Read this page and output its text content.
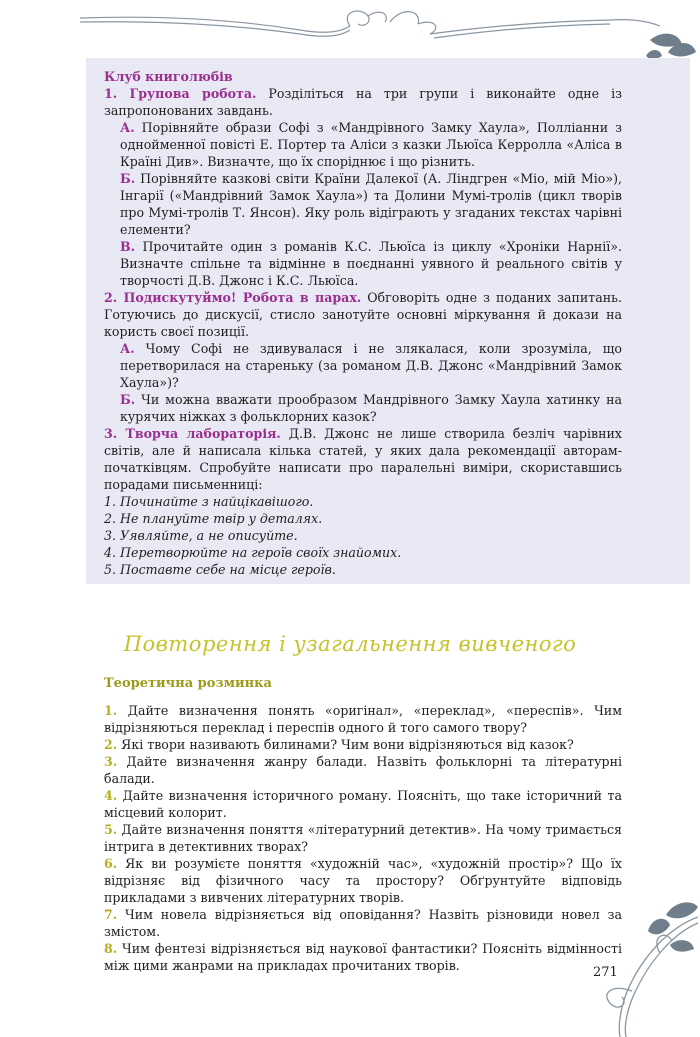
Клуб книголюбів

1. Групова робота. Розділіться на три групи і виконайте одне із запропонованих завдань.

А. Порівняйте образи Софі з «Мандрівного Замку Хаула», Полліанни з однойменної повісті Е. Портер та Аліси з казки Льюїса Керролла «Аліса в Країні Див». Визначте, що їх споріднює і що різнить.

Б. Порівняйте казкові світи Країни Далекої (А. Ліндгрен «Міо, мій Міо»), Інгарії («Мандрівний Замок Хаула») та Долини Мумі-тролів (цикл творів про Мумі-тролів Т. Янсон). Яку роль відіграють у згаданих текстах чарівні елементи?

В. Прочитайте один з романів К.С. Льюїса із циклу «Хроніки Нарнії». Визначте спільне та відмінне в поєднанні уявного й реального світів у творчості Д.В. Джонс і К.С. Льюїса.

2. Подискутуймо! Робота в парах. Обговоріть одне з поданих запитань. Готуючись до дискусії, стисло занотуйте основні міркування й докази на користь своєї позиції.

А. Чому Софі не здивувалася і не злякалася, коли зрозуміла, що перетворилася на стареньку (за романом Д.В. Джонс «Мандрівний Замок Хаула»)?

Б. Чи можна вважати прообразом Мандрівного Замку Хаула хатинку на курячих ніжках з фольклорних казок?

3. Творча лабораторія. Д.В. Джонс не лише створила безліч чарівних світів, але й написала кілька статей, у яких дала рекомендації авторам-початківцям. Спробуйте написати про паралельні виміри, скориставшись порадами письменниці:

1. Починайте з найцікавішого.
2. Не плануйте твір у деталях.
3. Уявляйте, а не описуйте.
4. Перетворюйте на героїв своїх знайомих.
5. Поставте себе на місце героїв.
Повторення і узагальнення вивченого
Теоретична розминка
1. Дайте визначення понять «оригінал», «переклад», «переспів». Чим відрізняються переклад і переспів одного й того самого твору?
2. Які твори називають билинами? Чим вони відрізняються від казок?
3. Дайте визначення жанру балади. Назвіть фольклорні та літературні балади.
4. Дайте визначення історичного роману. Поясніть, що таке історичний та місцевий колорит.
5. Дайте визначення поняття «літературний детектив». На чому тримається інтрига в детективних творах?
6. Як ви розумієте поняття «художній час», «художній простір»? Що їх відрізняє від фізичного часу та простору? Обґрунтуйте відповідь прикладами з вивчених літературних творів.
7. Чим новела відрізняється від оповідання? Назвіть різновиди новел за змістом.
8. Чим фентезі відрізняється від наукової фантастики? Поясніть відмінності між цими жанрами на прикладах прочитаних творів.	271
